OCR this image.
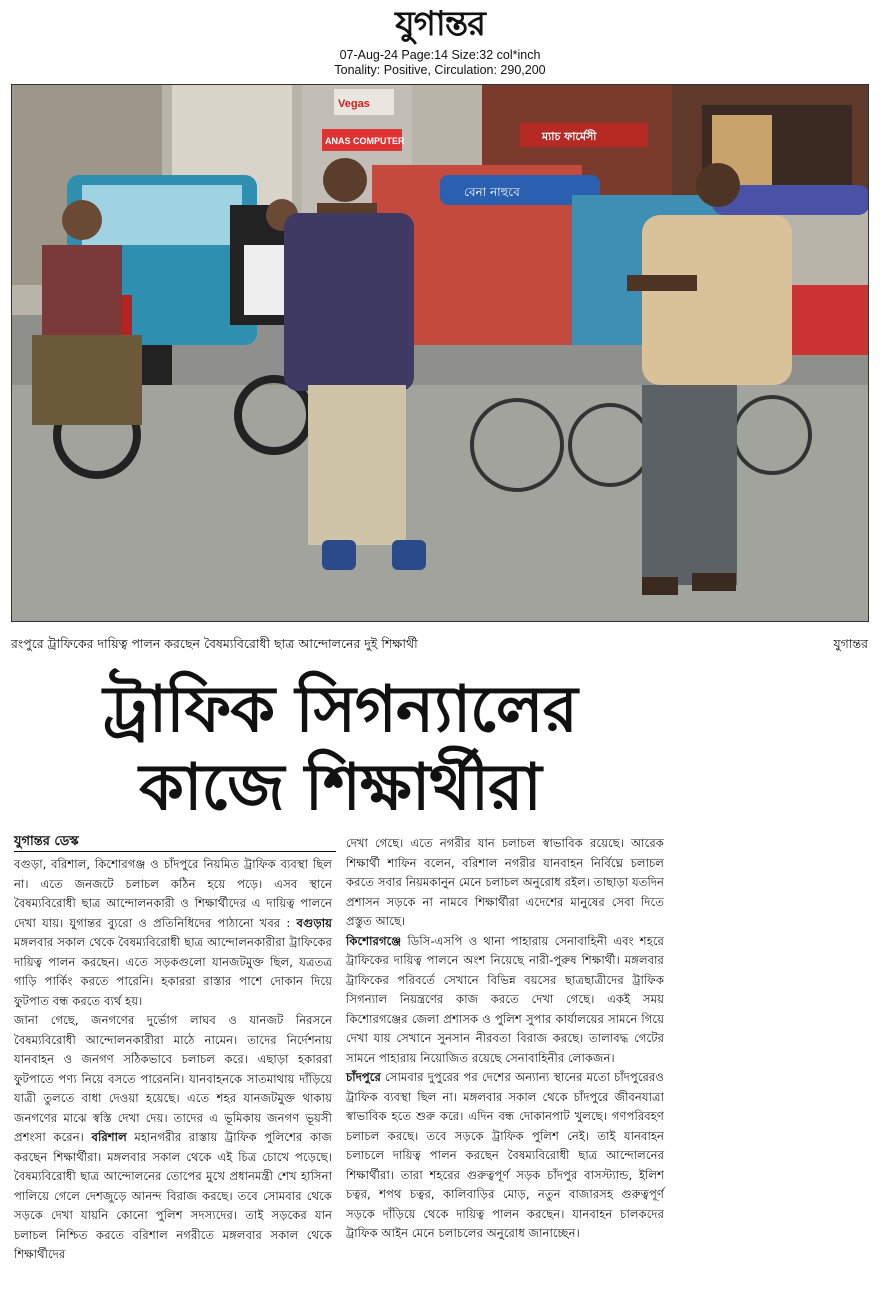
যুগান্তর
07-Aug-24 Page:14 Size:32 col*inch
Tonality: Positive, Circulation: 290,200
Vegas
ANAS COMPUTER	ম্যাচ ফার্মেসী
বেনা নাহুবে
রংপুরে ট্রাফিকের দায়িত্ব পালন করছেন বৈষম্যবিরোধী ছাত্র আন্দোলনের দুই শিক্ষার্থী	যুগান্তর
ট্রাফিক সিগন্যালের
কাজে শিক্ষার্থীরা
যুগান্তর ডেস্ক

বগুড়া, বরিশাল, কিশোরগঞ্জ ও চাঁদপুরে নিয়মিত ট্রাফিক ব্যবস্থা ছিল না। এতে জনজটে চলাচল কঠিন হয়ে পড়ে। এসব স্থানে বৈষম্যবিরোধী ছাত্র আন্দোলনকারী ও শিক্ষার্থীদের এ দায়িত্ব পালনে দেখা যায়। যুগান্তর ব্যুরো ও প্রতিনিধিদের পাঠানো খবর : বগুড়ায় মঙ্গলবার সকাল থেকে বৈষম্যবিরোধী ছাত্র আন্দোলনকারীরা ট্রাফিকের দায়িত্ব পালন করছেন। এতে সড়কগুলো যানজটমুক্ত ছিল, যত্রতত্র গাড়ি পার্কিং করতে পারেনি। হকাররা রাস্তার পাশে দোকান দিয়ে ফুটপাত বন্ধ করতে ব্যর্থ হয়।

জানা গেছে, জনগণের দুর্ভোগ লাঘব ও যানজট নিরসনে বৈষম্যবিরোধী আন্দোলনকারীরা মাঠে নামেন। তাদের নির্দেশনায় যানবাহন ও জনগণ সঠিকভাবে চলাচল করে। এছাড়া হকাররা ফুটপাতে পণ্য নিয়ে বসতে পারেননি। যানবাহনকে সাতমাথায় দাঁড়িয়ে যাত্রী তুলতে বাধা দেওয়া হয়েছে। এতে শহর যানজটমুক্ত থাকায় জনগণের মাঝে স্বস্তি দেখা দেয়। তাদের এ ভূমিকায় জনগণ ভূয়সী প্রশংসা করেন। বরিশাল মহানগরীর রাস্তায় ট্রাফিক পুলিশের কাজ করছেন শিক্ষার্থীরা। মঙ্গলবার সকাল থেকে এই চিত্র চোখে পড়েছে। বৈষম্যবিরোধী ছাত্র আন্দোলনের তোপের মুখে প্রধানমন্ত্রী শেখ হাসিনা পালিয়ে গেলে দেশজুড়ে আনন্দ বিরাজ করছে। তবে সোমবার থেকে সড়কে দেখা যায়নি কোনো পুলিশ সদস্যদের। তাই সড়কের যান চলাচল নিশ্চিত করতে বরিশাল নগরীতে মঙ্গলবার সকাল থেকে শিক্ষার্থীদের

দেখা গেছে। এতে নগরীর যান চলাচল স্বাভাবিক রয়েছে। আরেক শিক্ষার্থী শাফিন বলেন, বরিশাল নগরীর যানবাহন নির্বিঘ্নে চলাচল করতে সবার নিয়মকানুন মেনে চলাচল অনুরোধ রইল। তাছাড়া যতদিন প্রশাসন সড়কে না নামবে শিক্ষার্থীরা এদেশের মানুষের সেবা দিতে প্রস্তুত আছে।

কিশোরগঞ্জে ডিসি-এসপি ও থানা পাহারায় সেনাবাহিনী এবং শহরে ট্রাফিকের দায়িত্ব পালনে অংশ নিয়েছে নারী-পুরুষ শিক্ষার্থী। মঙ্গলবার ট্রাফিকের পরিবর্তে সেখানে বিভিন্ন বয়সের ছাত্রছাত্রীদের ট্রাফিক সিগন্যাল নিয়ন্ত্রণের কাজ করতে দেখা গেছে। একই সময় কিশোরগঞ্জের জেলা প্রশাসক ও পুলিশ সুপার কার্যালয়ের সামনে গিয়ে দেখা যায় সেখানে সুনসান নীরবতা বিরাজ করছে। তালাবদ্ধ গেটের সামনে পাহারায় নিয়োজিত রয়েছে সেনাবাহিনীর লোকজন।

চাঁদপুরে সোমবার দুপুরের পর দেশের অন্যান্য স্থানের মতো চাঁদপুরেরও ট্রাফিক ব্যবস্থা ছিল না। মঙ্গলবার সকাল থেকে চাঁদপুরে জীবনযাত্রা স্বাভাবিক হতে শুরু করে। এদিন বন্ধ দোকানপাট খুলছে। গণপরিবহণ চলাচল করছে। তবে সড়কে ট্রাফিক পুলিশ নেই। তাই যানবাহন চলাচলে দায়িত্ব পালন করছেন বৈষম্যবিরোধী ছাত্র আন্দোলনের শিক্ষার্থীরা। তারা শহরের গুরুত্বপূর্ণ সড়ক চাঁদপুর বাসস্ট্যান্ড, ইলিশ চত্বর, শপথ চত্বর, কালিবাড়ির মোড়, নতুন বাজারসহ গুরুত্বপূর্ণ সড়কে দাঁড়িয়ে থেকে দায়িত্ব পালন করছেন। যানবাহন চালকদের ট্রাফিক আইন মেনে চলাচলের অনুরোধ জানাচ্ছেন।
